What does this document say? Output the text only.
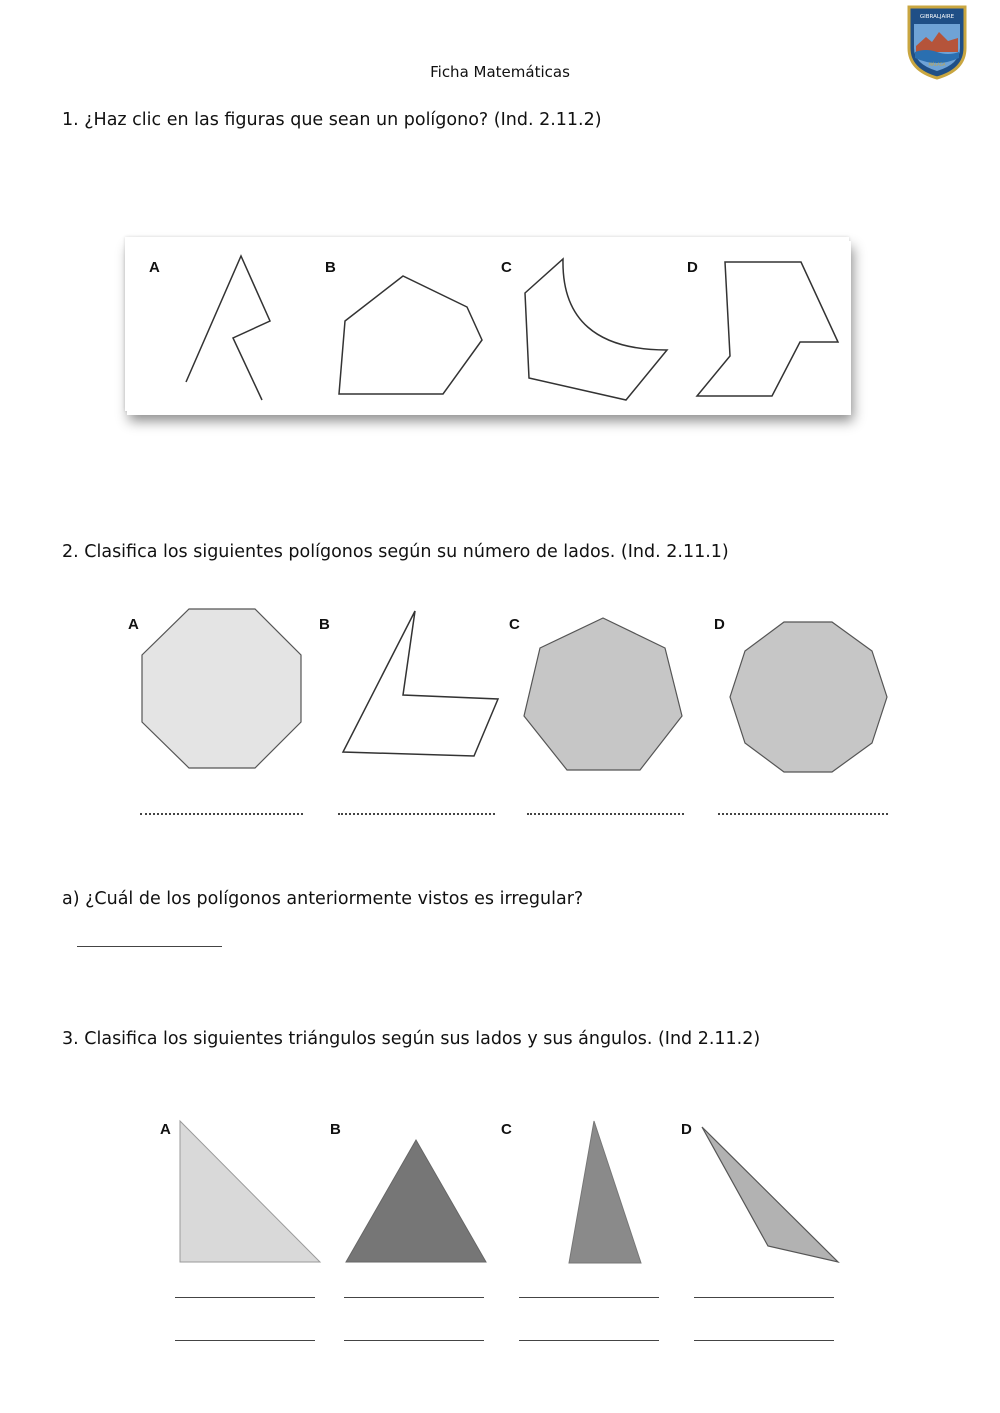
Ficha Matemáticas
GIBRALJAIRE
MÁLAGA
1. ¿Haz clic en las figuras que sean un polígono? (Ind. 2.11.2)
A	B	C	D
2. Clasifica los siguientes polígonos según su número de lados. (Ind. 2.11.1)
A	B	C	D
a) ¿Cuál de los polígonos anteriormente vistos es irregular?
3. Clasifica los siguientes triángulos según sus lados y sus ángulos. (Ind 2.11.2)
A	B	C	D
